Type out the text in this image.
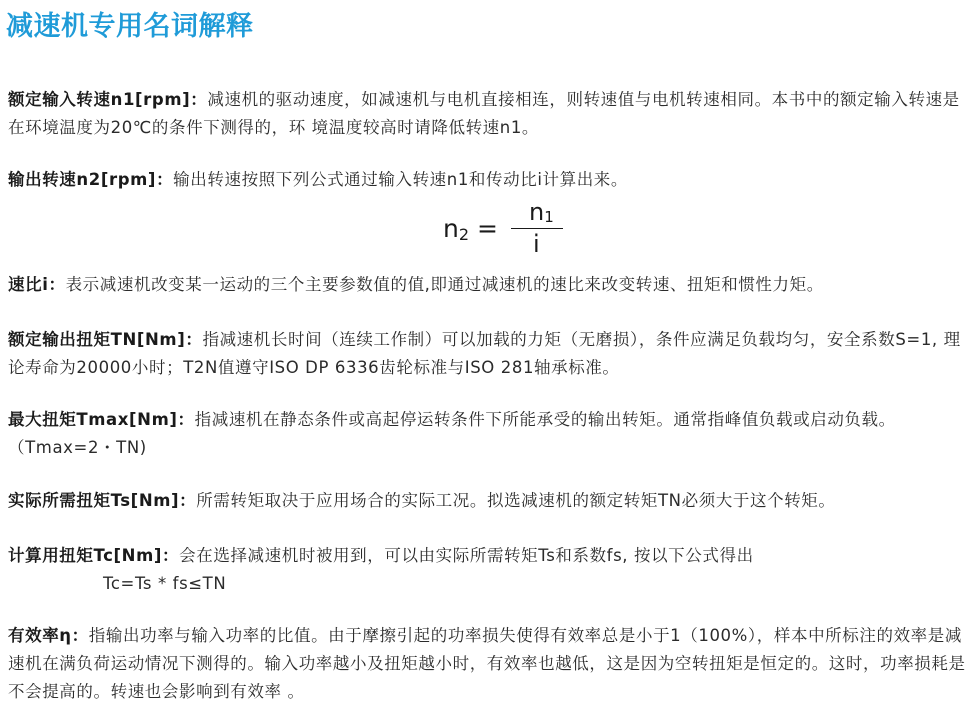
减速机专用名词解释

额定输入转速n1[rpm]：减速机的驱动速度，如减速机与电机直接相连，则转速值与电机转速相同。本书中的额定输入转速是在环境温度为20℃的条件下测得的，环 境温度较高时请降低转速n1。

输出转速n2[rpm]：输出转速按照下列公式通过输入转速n1和传动比i计算出来。

$n_2$ =
$n_1$
i

速比i：表示减速机改变某一运动的三个主要参数值的值,即通过减速机的速比来改变转速、扭矩和惯性力矩。

额定输出扭矩TN[Nm]：指减速机长时间（连续工作制）可以加载的力矩（无磨损），条件应满足负载均匀，安全系数S=1, 理论寿命为20000小时；T2N值遵守ISO DP 6336齿轮标准与ISO 281轴承标准。

最大扭矩Tmax[Nm]：指减速机在静态条件或高起停运转条件下所能承受的输出转矩。通常指峰值负载或启动负载。（Tmax=2・TN)

实际所需扭矩Ts[Nm]：所需转矩取决于应用场合的实际工况。拟选减速机的额定转矩TN必须大于这个转矩。

计算用扭矩Tc[Nm]：会在选择减速机时被用到，可以由实际所需转矩Ts和系数fs, 按以下公式得出

Tc=Ts * fs≤TN

有效率η：指输出功率与输入功率的比值。由于摩擦引起的功率损失使得有效率总是小于1（100%），样本中所标注的效率是减速机在满负荷运动情况下测得的。输入功率越小及扭矩越小时，有效率也越低，这是因为空转扭矩是恒定的。这时，功率损耗是不会提高的。转速也会影响到有效率 。
